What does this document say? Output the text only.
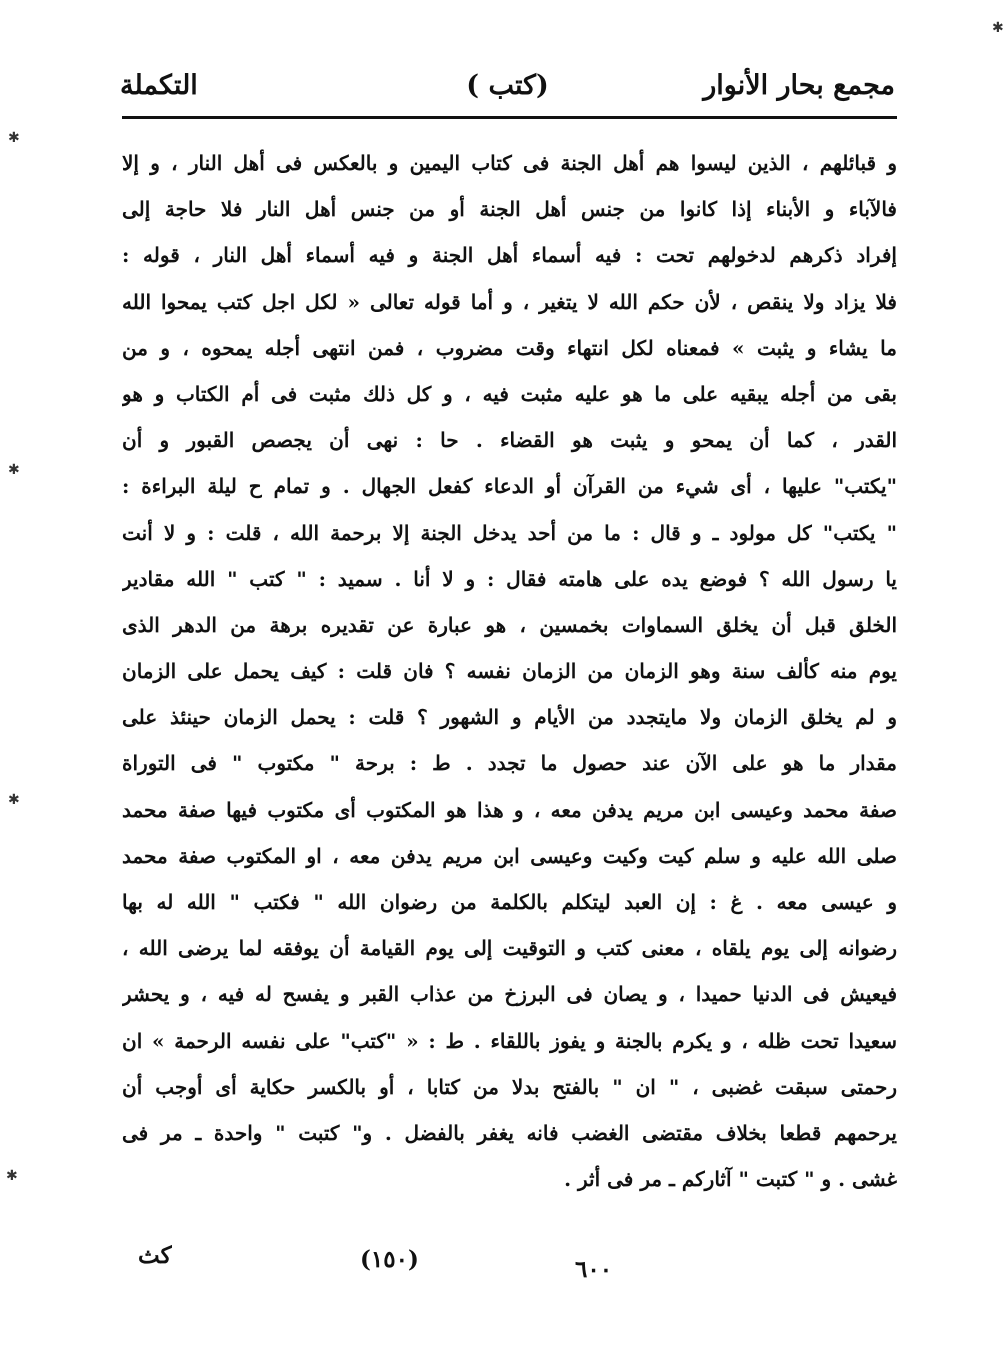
مجمع بحار الأنوار
(كتب )
التكملة
و قبائلهم ، الذين ليسوا هم أهل الجنة فى كتاب اليمين و بالعكس فى أهل النار ، و إلا
فالآباء و الأبناء إذا كانوا من جنس أهل الجنة أو من جنس أهل النار فلا حاجة إلى
إفراد ذكرهم لدخولهم تحت : فيه أسماء أهل الجنة و فيه أسماء أهل النار ، قوله :
فلا يزاد ولا ينقص ، لأن حكم الله لا يتغير ، و أما قوله تعالى « لكل اجل كتب يمحوا الله
ما يشاء و يثبت » فمعناه لكل انتهاء وقت مضروب ، فمن انتهى أجله يمحوه ، و من
بقى من أجله يبقيه على ما هو عليه مثبت فيه ، و كل ذلك مثبت فى أم الكتاب و هو
القدر ، كما أن يمحو و يثبت هو القضاء . حا : نهى أن يجصص القبور و أن
"يكتب" عليها ، أى شيء من القرآن أو الدعاء كفعل الجهال . و تمام ح ليلة البراءة :
" يكتب" كل مولود ـ و قال : ما من أحد يدخل الجنة إلا برحمة الله ، قلت : و لا أنت
يا رسول الله ؟ فوضع يده على هامته فقال : و لا أنا . سميد : " كتب " الله مقادير
الخلق قبل أن يخلق السماوات بخمسين ، هو عبارة عن تقديره برهة من الدهر الذى
يوم منه كألف سنة وهو الزمان من الزمان نفسه ؟ فان قلت : كيف يحمل على الزمان
و لم يخلق الزمان ولا مايتجدد من الأيام و الشهور ؟ قلت : يحمل الزمان حينئذ على
مقدار ما هو على الآن عند حصول ما تجدد . ط : برحة " مكتوب " فى التوراة
صفة محمد وعيسى ابن مريم يدفن معه ، و هذا هو المكتوب أى مكتوب فيها صفة محمد
صلى الله عليه و سلم كيت وكيت وعيسى ابن مريم يدفن معه ، او المكتوب صفة محمد
و عيسى معه . غ : إن العبد ليتكلم بالكلمة من رضوان الله " فكتب " الله له بها
رضوانه إلى يوم يلقاه ، معنى كتب و التوقيت إلى يوم القيامة أن يوفقه لما يرضى الله ،
فيعيش فى الدنيا حميدا ، و يصان فى البرزخ من عذاب القبر و يفسح له فيه ، و يحشر
سعيدا تحت ظله ، و يكرم بالجنة و يفوز باللقاء . ط : « "كتب" على نفسه الرحمة » ان
رحمتى سبقت غضبى ، " ان " بالفتح بدلا من كتابا ، أو بالكسر حكاية أى أوجب أن
يرحمهم قطعا بخلاف مقتضى الغضب فانه يغفر بالفضل . و" كتبت " واحدة ـ مر فى
غشى . و " كتبت " آثاركم ـ مر فى أثر .
٦٠٠
(١٥٠)
كث
✱
✱
✱
✱
✱
